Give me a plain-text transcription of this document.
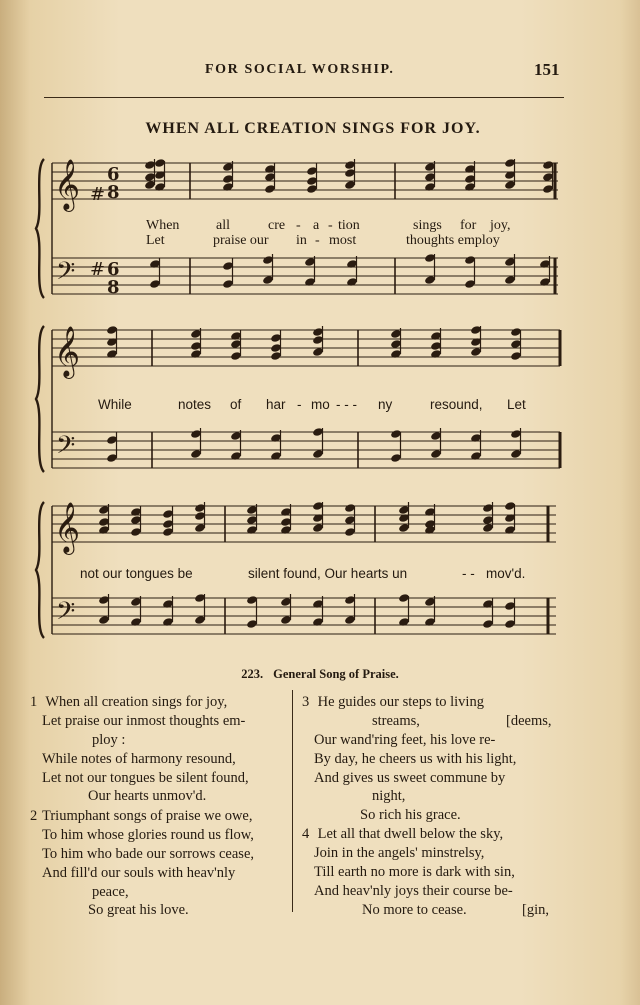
FOR SOCIAL WORSHIP.	151
WHEN ALL CREATION SINGS FOR JOY.
𝄞
𝄢
𝄞
𝄢
𝄞
𝄢
6
8
6
8
#
#
When	all	cre - a - tion	sings for joy,
Let	praise our in - most	thoughts employ
While	notes of har - mo - - - ny	resound, Let
not our tongues be	silent found, Our hearts un	- - mov'd.
223. General Song of Praise.
1 When all creation sings for joy,
Let praise our inmost thoughts em-
ploy :
While notes of harmony resound,
Let not our tongues be silent found,
Our hearts unmov'd.
2 Triumphant songs of praise we owe,
To him whose glories round us flow,
To him who bade our sorrows cease,
And fill'd our souls with heav'nly
peace,
So great his love.
3 He guides our steps to living
streams,	[deems,
Our wand'ring feet, his love re-
By day, he cheers us with his light,
And gives us sweet commune by
night,
So rich his grace.
4 Let all that dwell below the sky,
Join in the angels' minstrelsy,
Till earth no more is dark with sin,
And heav'nly joys their course be-
No more to cease.	[gin,
